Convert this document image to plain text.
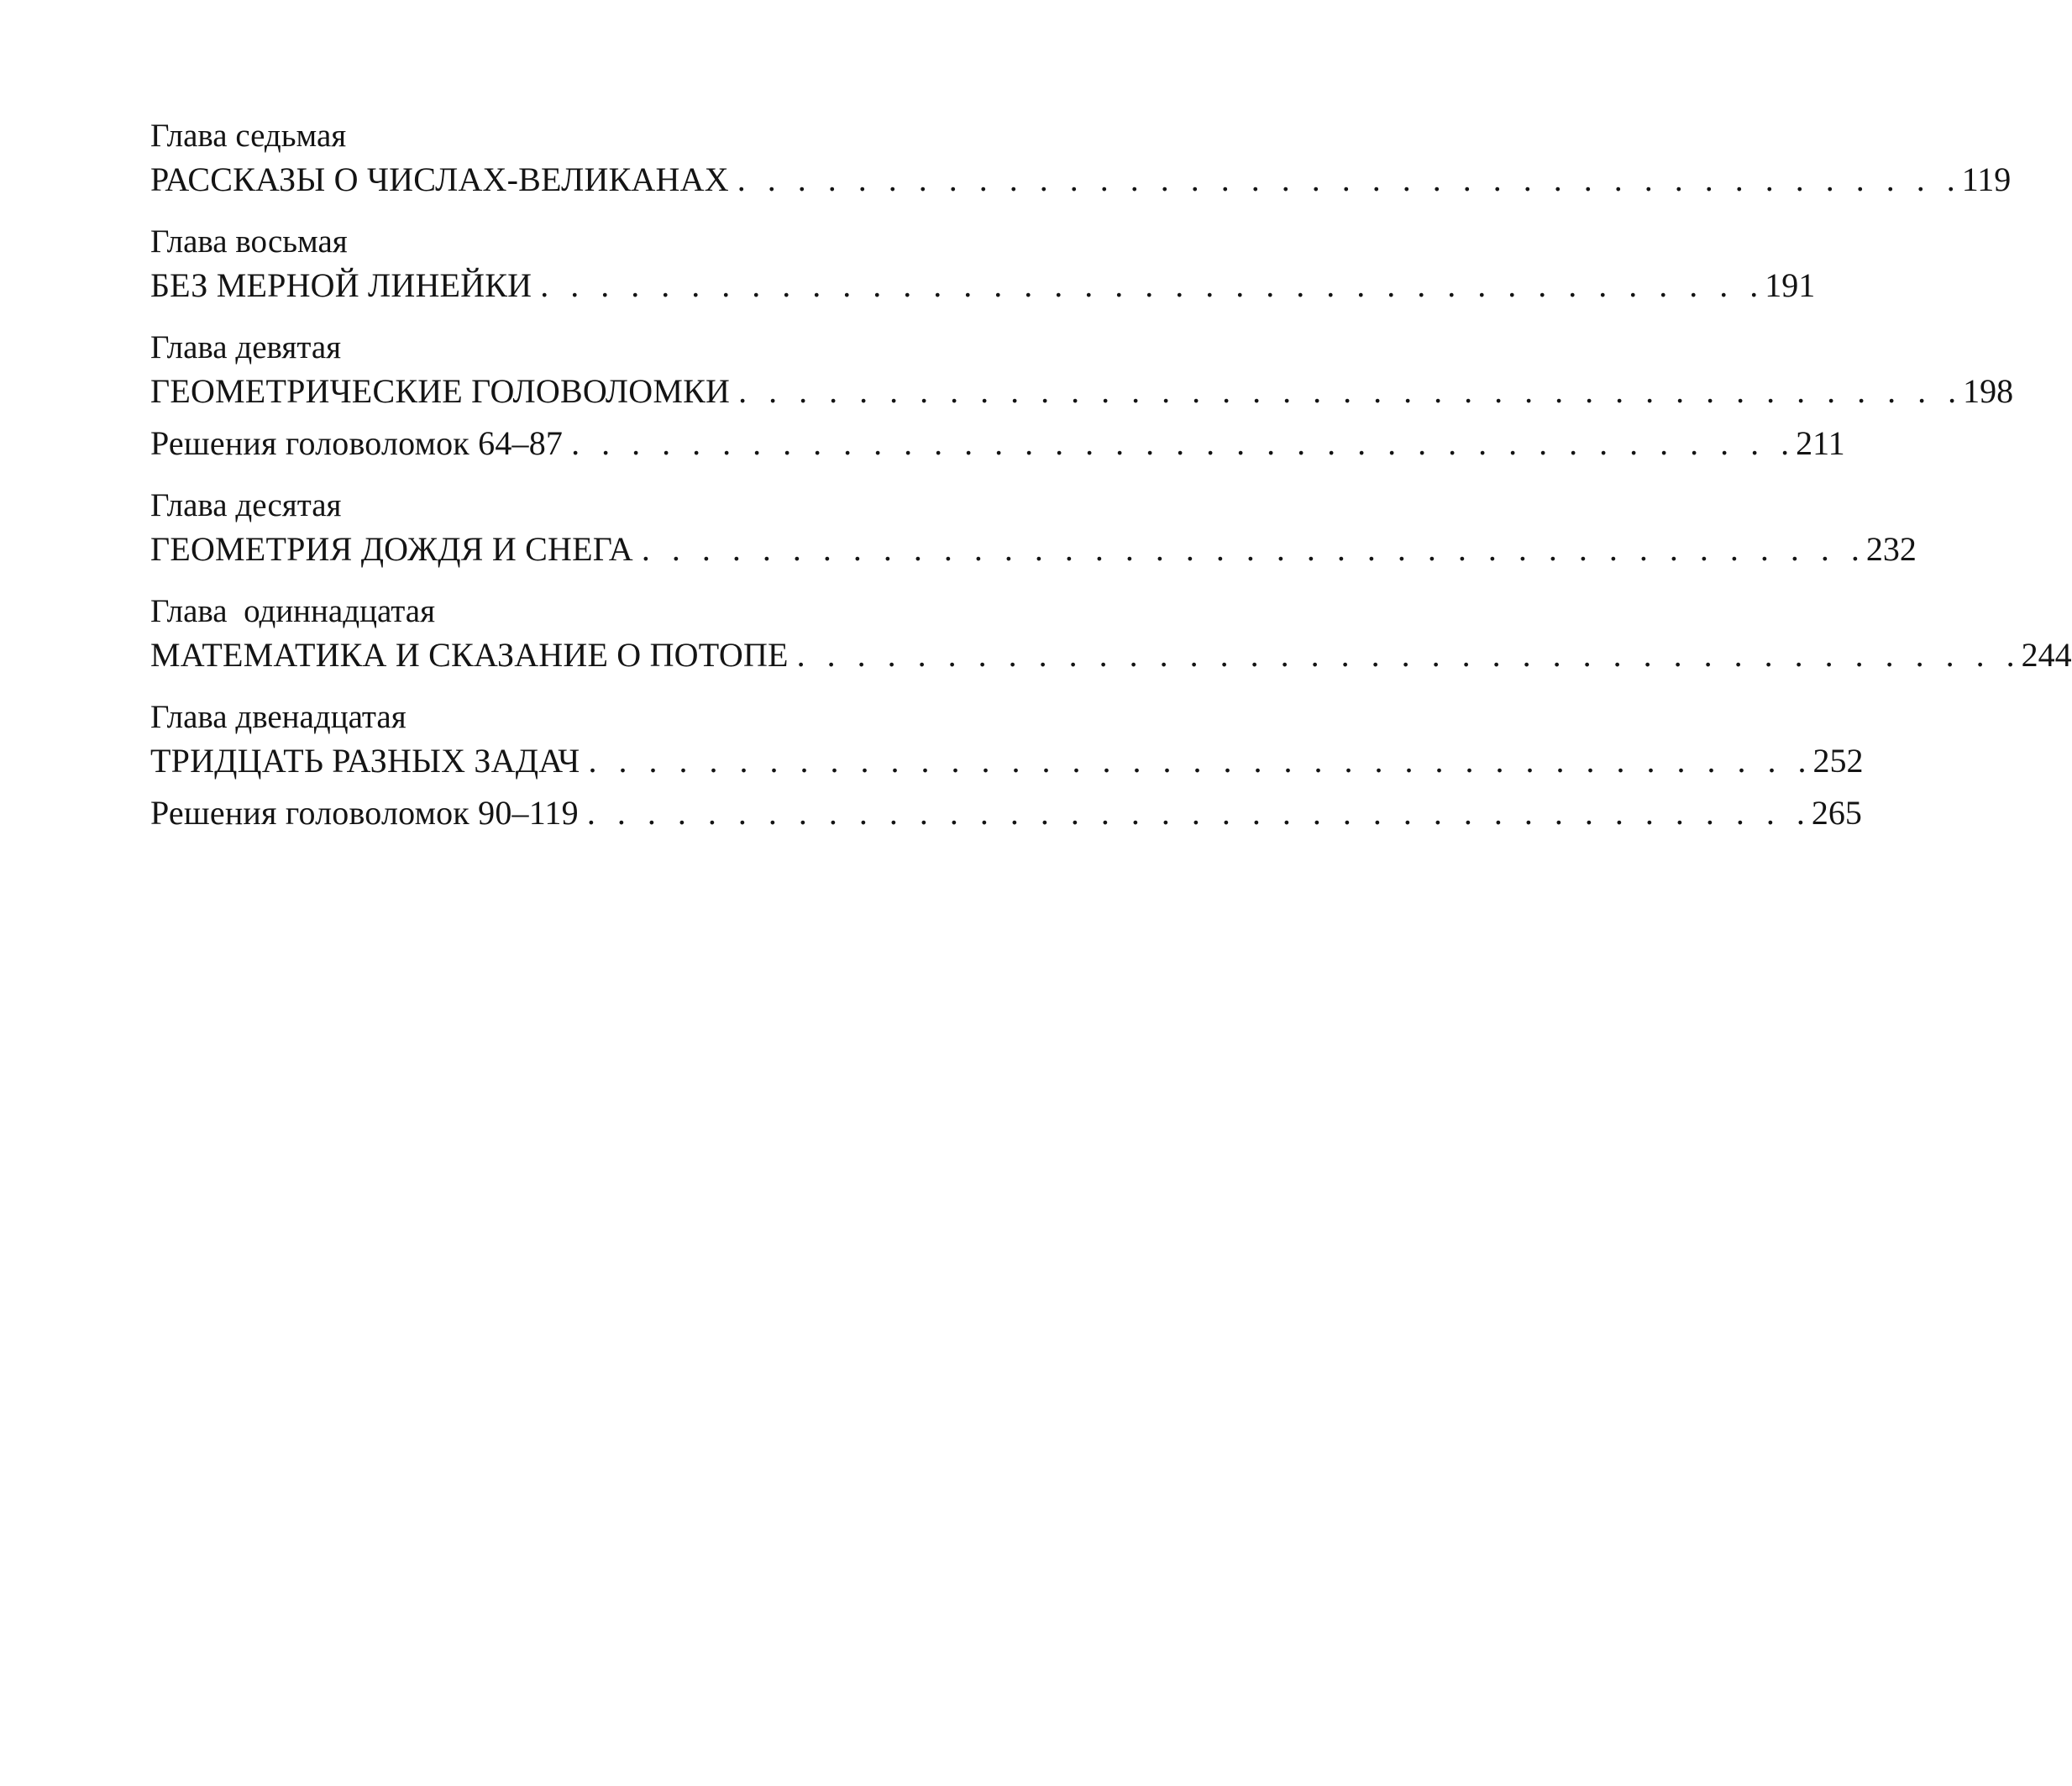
Глава седьмая
РАССКАЗЫ О ЧИСЛАХ-ВЕЛИКАНАХ . . . . . . . . . . . . . . . . . . . . . . . . . . . . . . . . . . . . . . . . . 119
Глава восьмая
БЕЗ МЕРНОЙ ЛИНЕЙКИ . . . . . . . . . . . . . . . . . . . . . . . . . . . . . . . . . . . . . . . . . 191
Глава девятая
ГЕОМЕТРИЧЕСКИЕ ГОЛОВОЛОМКИ . . . . . . . . . . . . . . . . . . . . . . . . . . . . . . . . . . . . . . . . . 198
Решения головоломок 64–87 . . . . . . . . . . . . . . . . . . . . . . . . . . . . . . . . . . . . . . . . . 211
Глава десятая
ГЕОМЕТРИЯ ДОЖДЯ И СНЕГА . . . . . . . . . . . . . . . . . . . . . . . . . . . . . . . . . . . . . . . . . 232
Глава  одиннадцатая
МАТЕМАТИКА И СКАЗАНИЕ О ПОТОПЕ . . . . . . . . . . . . . . . . . . . . . . . . . . . . . . . . . . . . . . . . . 244
Глава двенадцатая
ТРИДЦАТЬ РАЗНЫХ ЗАДАЧ . . . . . . . . . . . . . . . . . . . . . . . . . . . . . . . . . . . . . . . . . 252
Решения головоломок 90–119 . . . . . . . . . . . . . . . . . . . . . . . . . . . . . . . . . . . . . . . . . 265
